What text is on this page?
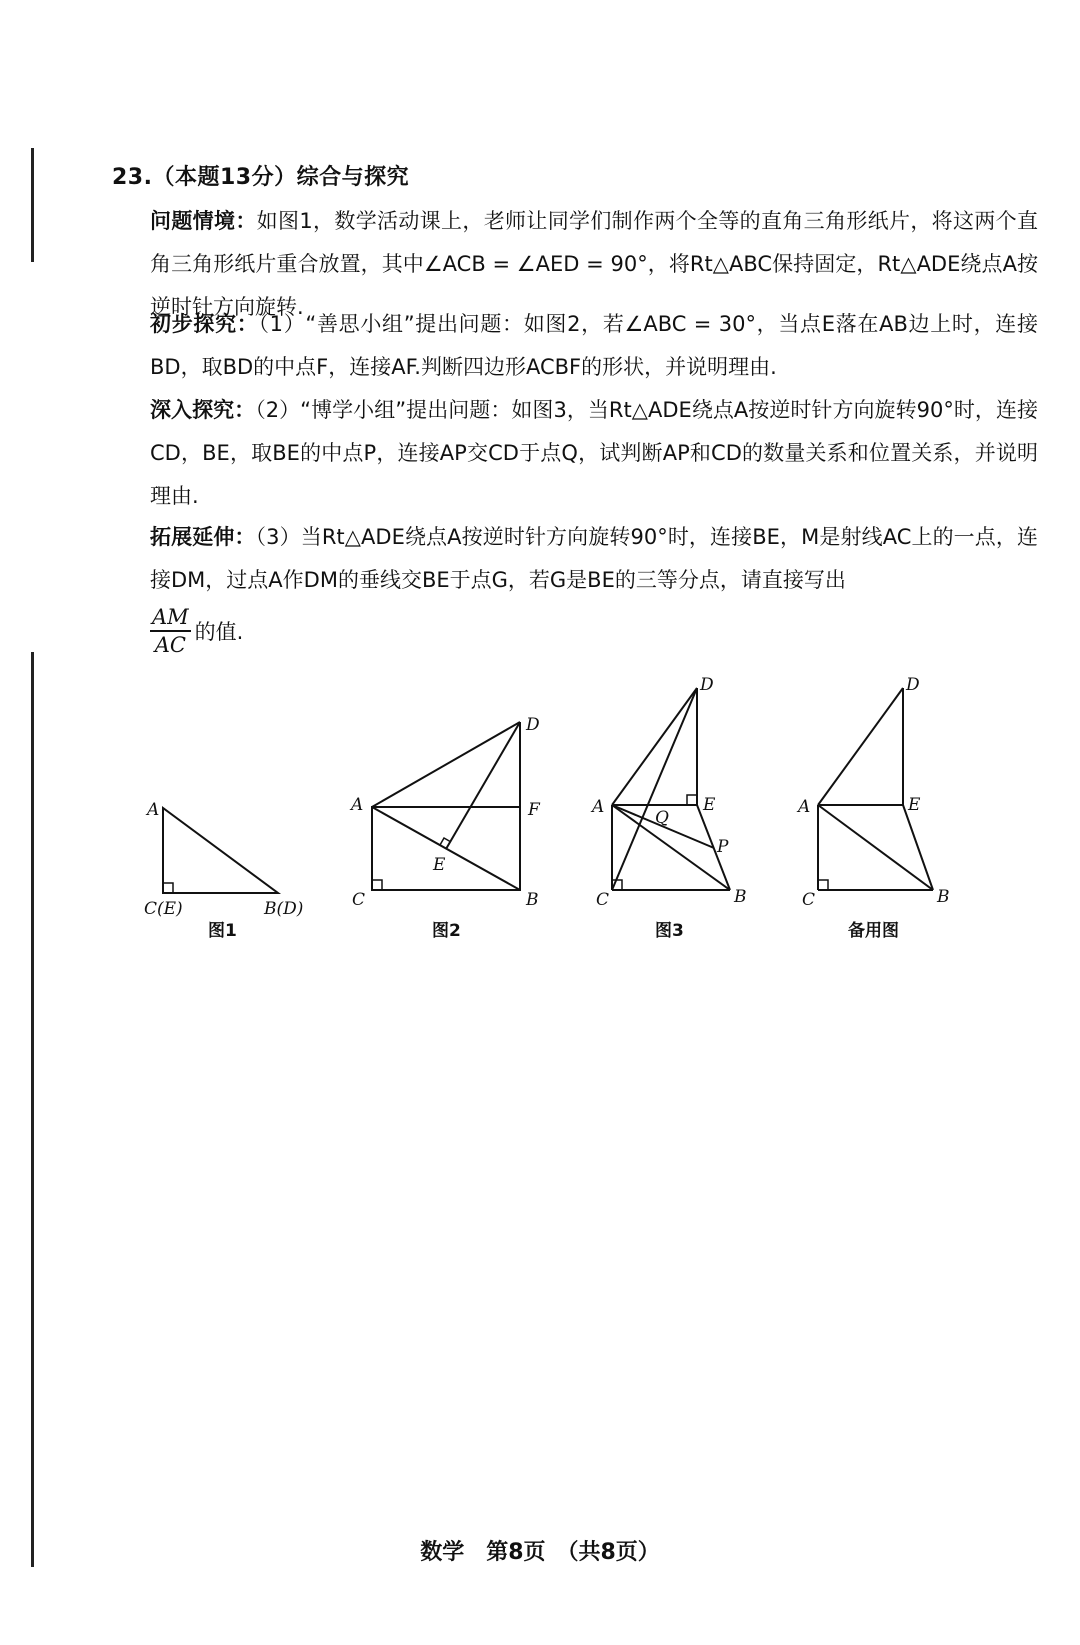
23.（本题13分）综合与探究
问题情境：如图1，数学活动课上，老师让同学们制作两个全等的直角三角形纸片，将这两个直角三角形纸片重合放置，其中∠ACB = ∠AED = 90°，将Rt△ABC保持固定，Rt△ADE绕点A按逆时针方向旋转.
初步探究：（1）“善思小组”提出问题：如图2，若∠ABC = 30°，当点E落在AB边上时，连接BD，取BD的中点F，连接AF.判断四边形ACBF的形状，并说明理由.
深入探究：（2）“博学小组”提出问题：如图3，当Rt△ADE绕点A按逆时针方向旋转90°时，连接CD，BE，取BE的中点P，连接AP交CD于点Q，试判断AP和CD的数量关系和位置关系，并说明理由.
拓展延伸：（3）当Rt△ADE绕点A按逆时针方向旋转90°时，连接BE，M是射线AC上的一点，连接DM，过点A作DM的垂线交BE于点G，若G是BE的三等分点，请直接写出
$\frac{AM}{AC}$ 的值.
A
C(E)	B(D)
图1
A
D
F
E
C	B
图2
D
A	E
Q
P
C	B
图3
D
A	E
C	B
备用图
数学　第8页　（共8页）
